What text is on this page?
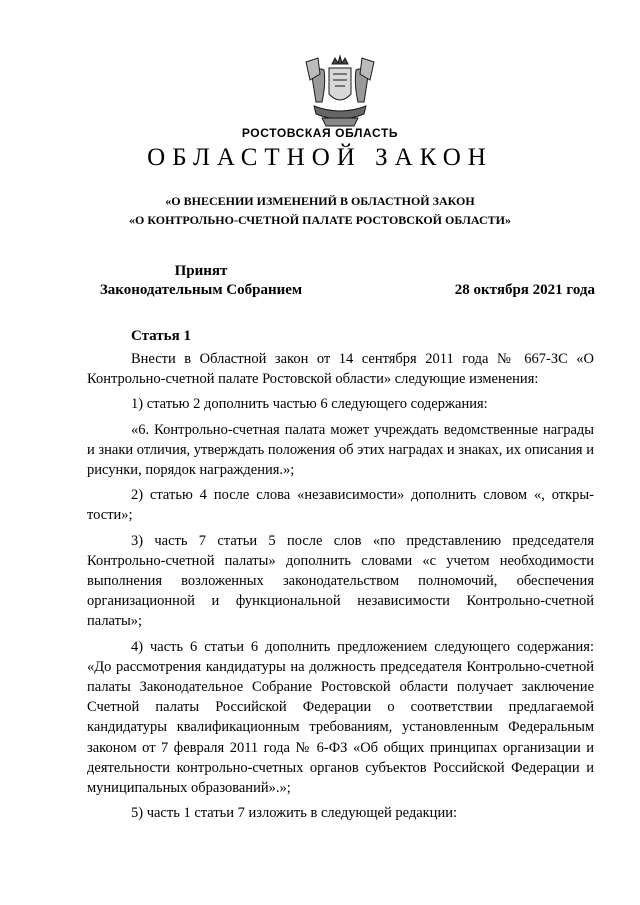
РОСТОВСКАЯ ОБЛАСТЬ
ОБЛАСТНОЙ ЗАКОН
«О ВНЕСЕНИИ ИЗМЕНЕНИЙ В ОБЛАСТНОЙ ЗАКОН
«О КОНТРОЛЬНО-СЧЕТНОЙ ПАЛАТЕ РОСТОВСКОЙ ОБЛАСТИ»
Принят
Законодательным Собранием	28 октября 2021 года
Статья 1

Внести в Областной закон от 14 сентября 2011 года № 667-ЗС «О Контрольно-счетной палате Ростовской области» следующие изменения:

1) статью 2 дополнить частью 6 следующего содержания:

«6. Контрольно-счетная палата может учреждать ведомственные награды и знаки отличия, утверждать положения об этих наградах и знаках, их описания и рисунки, порядок награждения.»;

2) статью 4 после слова «независимости» дополнить словом «, открытости»;

3) часть 7 статьи 5 после слов «по представлению председателя Контрольно-счетной палаты» дополнить словами «с учетом необходимости выполнения возложенных законодательством полномочий, обеспечения организационной и функциональной независимости Контрольно-счетной палаты»;

4) часть 6 статьи 6 дополнить предложением следующего содержания: «До рассмотрения кандидатуры на должность председателя Контрольно-счетной палаты Законодательное Собрание Ростовской области получает заключение Счетной палаты Российской Федерации о соответствии предлагаемой кандидатуры квалификационным требованиям, установленным Федеральным законом от 7 февраля 2011 года № 6-ФЗ «Об общих принципах организации и деятельности контрольно-счетных органов субъектов Российской Федерации и муниципальных образований».»;

5) часть 1 статьи 7 изложить в следующей редакции:
